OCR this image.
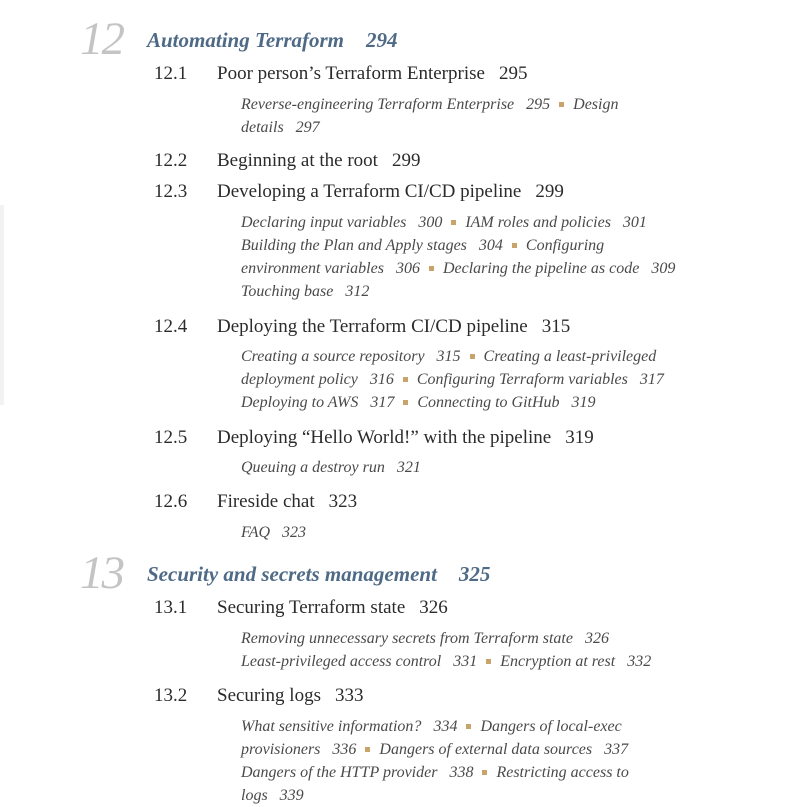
12 Automating Terraform 294
12.1 Poor person’s Terraform Enterprise 295
Reverse-engineering Terraform Enterprise 295 Design
details 297
12.2 Beginning at the root 299
12.3 Developing a Terraform CI/CD pipeline 299
Declaring input variables 300 IAM roles and policies 301
Building the Plan and Apply stages 304 Configuring
environment variables 306 Declaring the pipeline as code 309
Touching base 312
12.4 Deploying the Terraform CI/CD pipeline 315
Creating a source repository 315 Creating a least-privileged
deployment policy 316 Configuring Terraform variables 317
Deploying to AWS 317 Connecting to GitHub 319
12.5 Deploying “Hello World!” with the pipeline 319
Queuing a destroy run 321
12.6 Fireside chat 323
FAQ 323
13 Security and secrets management 325
13.1 Securing Terraform state 326
Removing unnecessary secrets from Terraform state 326
Least-privileged access control 331 Encryption at rest 332
13.2 Securing logs 333
What sensitive information? 334 Dangers of local-exec
provisioners 336 Dangers of external data sources 337
Dangers of the HTTP provider 338 Restricting access to
logs 339
